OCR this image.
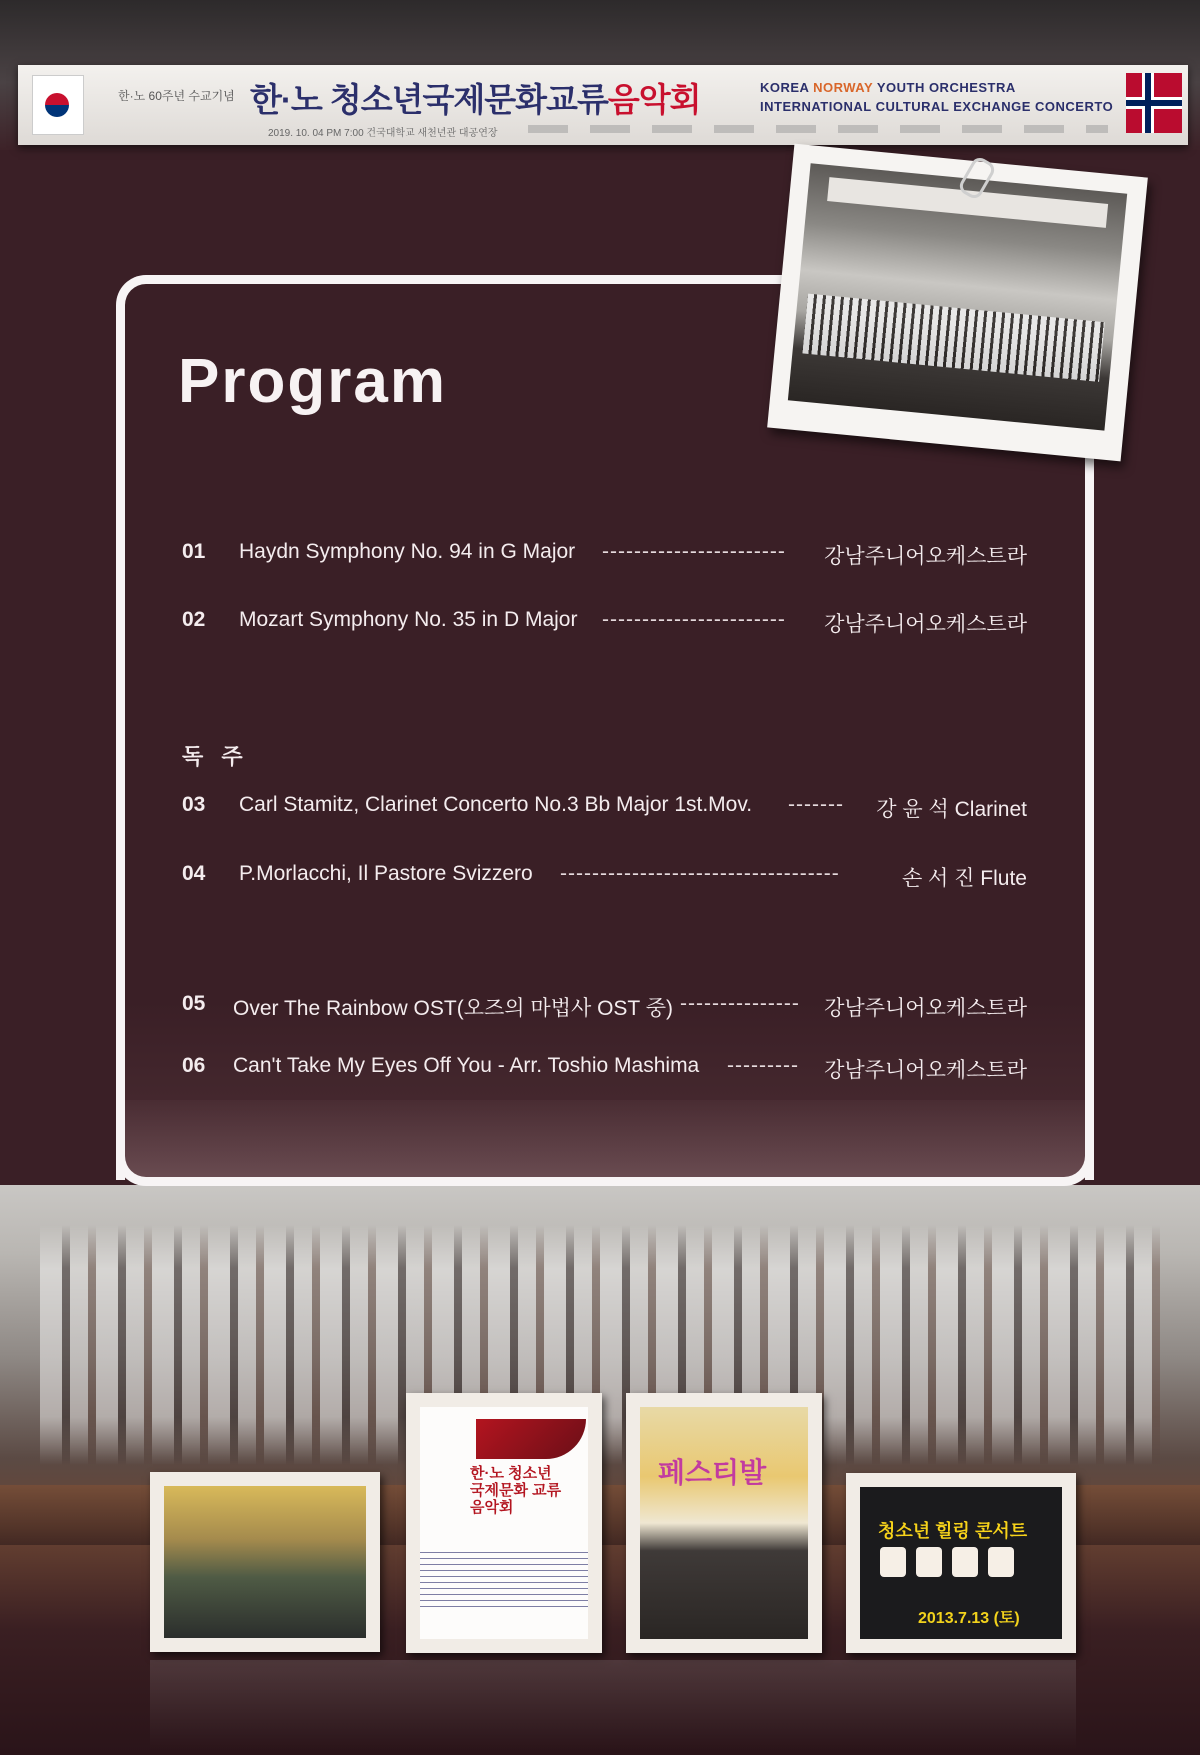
한·노 60주년 수교기념 한·노 청소년국제문화교류음악회	KOREA NORWAY YOUTH ORCHESTRA
INTERNATIONAL CULTURAL EXCHANGE CONCERTO
2019. 10. 04 PM 7:00 건국대학교 새천년관 대공연장
Program
01 Haydn Symphony No. 94 in G Major ----------------------- 강남주니어오케스트라
02 Mozart Symphony No. 35 in D Major ----------------------- 강남주니어오케스트라
독 주
03 Carl Stamitz, Clarinet Concerto No.3 Bb Major 1st.Mov. ------- 강 윤 석 Clarinet
04 P.Morlacchi, Il Pastore Svizzero -----------------------------------	손 서 진 Flute
05 Over The Rainbow OST(오즈의 마법사 OST 중) --------------- 강남주니어오케스트라
06 Can't Take My Eyes Off You - Arr. Toshio Mashima --------- 강남주니어오케스트라
한·노 청소년
국제문화 교류
음악회
페스티발
청소년 힐링 콘서트
2013.7.13 (토)
